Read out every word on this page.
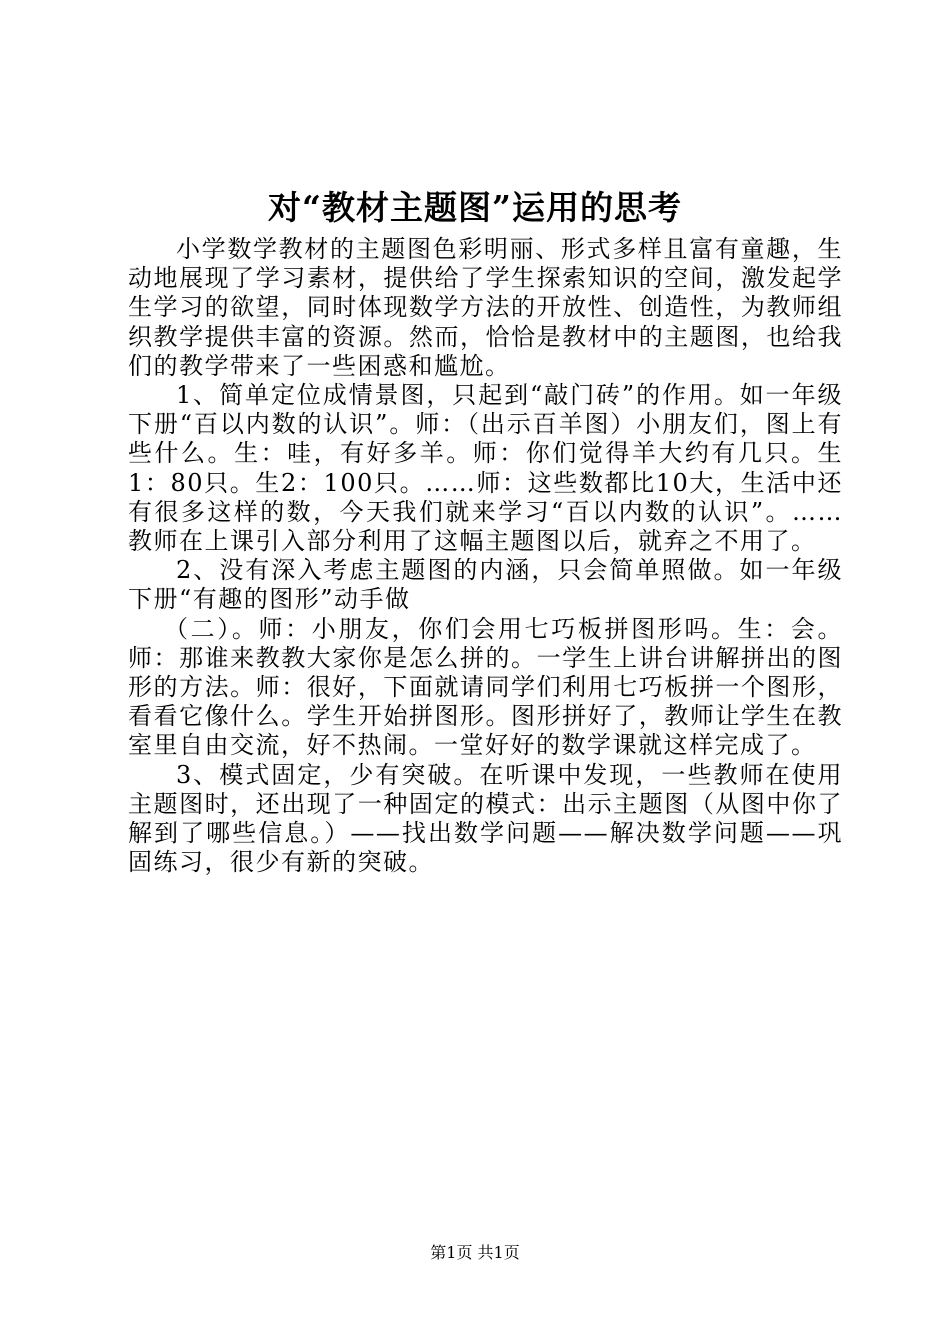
对“教材主题图”运用的思考

小学数学教材的主题图色彩明丽、形式多样且富有童趣，生动地展现了学习素材，提供给了学生探索知识的空间，激发起学生学习的欲望，同时体现数学方法的开放性、创造性，为教师组织教学提供丰富的资源。然而，恰恰是教材中的主题图，也给我们的教学带来了一些困惑和尴尬。

1、简单定位成情景图，只起到“敲门砖”的作用。如一年级下册“百以内数的认识”。师：（出示百羊图）小朋友们，图上有些什么。生：哇，有好多羊。师：你们觉得羊大约有几只。生1：80只。生2：100只。……师：这些数都比10大，生活中还有很多这样的数，今天我们就来学习“百以内数的认识”。……教师在上课引入部分利用了这幅主题图以后，就弃之不用了。

2、没有深入考虑主题图的内涵，只会简单照做。如一年级下册“有趣的图形”动手做

（二）。师：小朋友，你们会用七巧板拼图形吗。生：会。师：那谁来教教大家你是怎么拼的。一学生上讲台讲解拼出的图形的方法。师：很好，下面就请同学们利用七巧板拼一个图形，看看它像什么。学生开始拼图形。图形拼好了，教师让学生在教室里自由交流，好不热闹。一堂好好的数学课就这样完成了。

3、模式固定，少有突破。在听课中发现，一些教师在使用主题图时，还出现了一种固定的模式：出示主题图（从图中你了解到了哪些信息。）——找出数学问题——解决数学问题——巩固练习，很少有新的突破。

第1页 共1页
